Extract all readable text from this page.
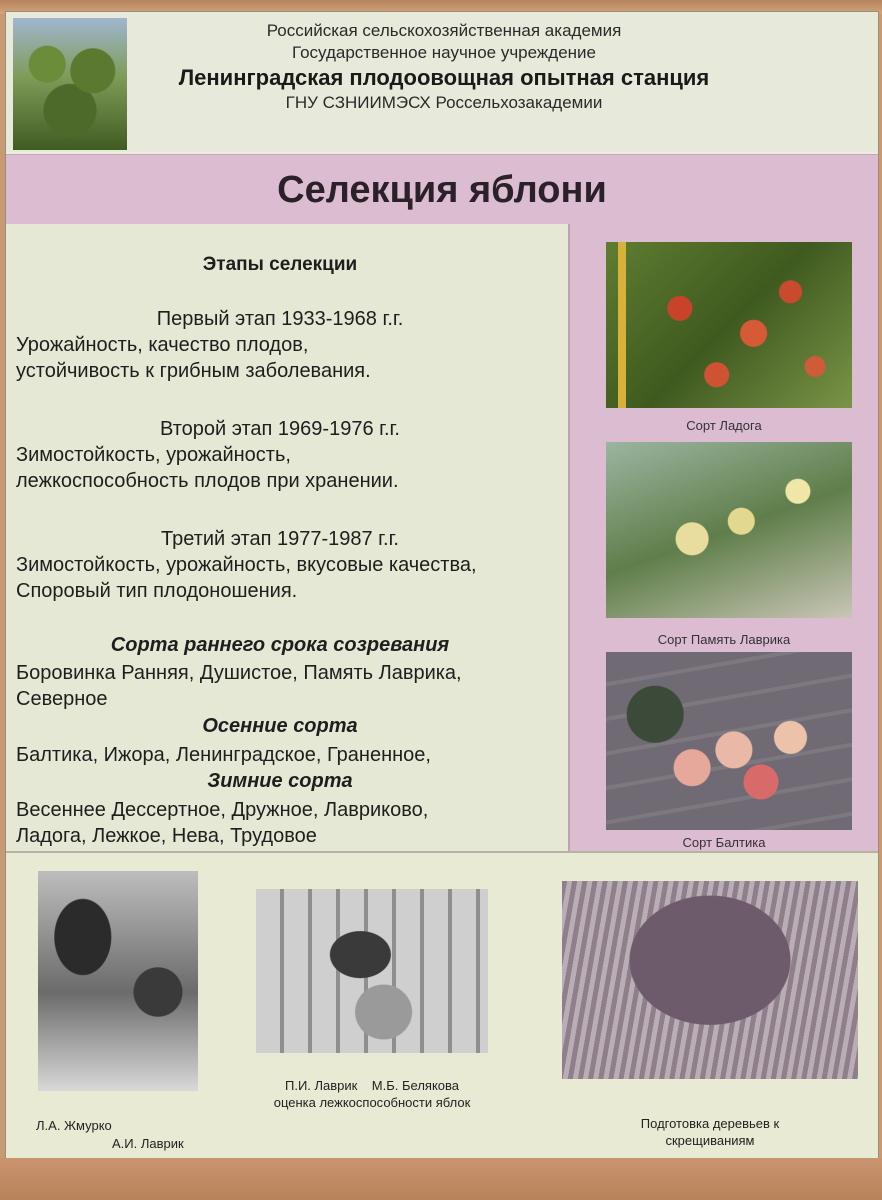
Российская сельскохозяйственная академия
Государственное научное учреждение
Ленинградская плодоовощная опытная станция
ГНУ СЗНИИМЭСХ Россельхозакадемии
Селекция яблони
Этапы селекции
Первый этап 1933-1968 г.г.
Урожайность, качество плодов,
устойчивость к грибным заболевания.
Второй этап 1969-1976 г.г.
Зимостойкость, урожайность,
лежкоспособность плодов при хранении.
Третий этап 1977-1987 г.г.
Зимостойкость, урожайность, вкусовые качества,
Споровый тип плодоношения.
Сорта раннего срока созревания
Боровинка Ранняя, Душистое, Память Лаврика,
Северное
Осенние сорта
Балтика, Ижора, Ленинградское, Граненное,
Зимние сорта
Весеннее Дессертное, Дружное, Лавриково,
Ладога, Лежкое, Нева, Трудовое
Сорт Ладога
Сорт Память Лаврика
Сорт Балтика
Л.А. Жмурко
А.И. Лаврик
П.И. Лаврик    М.Б. Белякова
оценка лежкоспособности яблок
Подготовка деревьев к
скрещиваниям
